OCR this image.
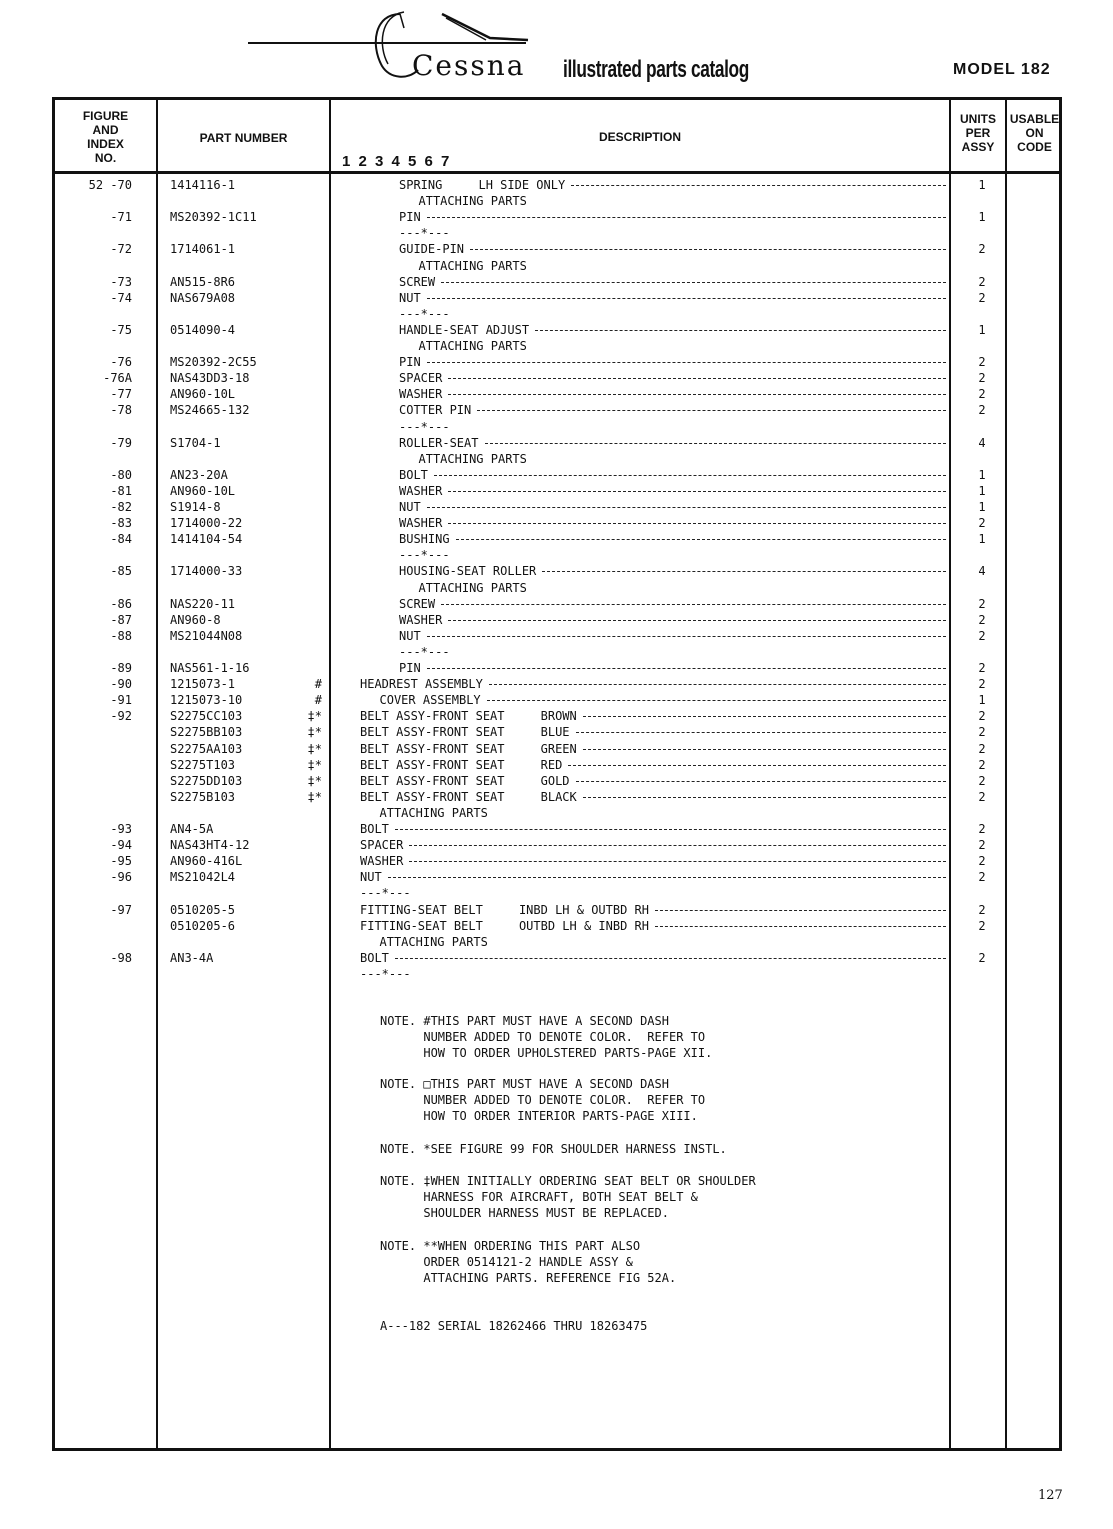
Cessna illustrated parts catalog	MODEL 182
FIGURE
AND
INDEX
NO.
PART NUMBER	DESCRIPTION
1 2 3 4 5 6 7
UNITS
PER
ASSY
USABLE
ON
CODE
52 -70	1414116-1	SPRING     LH SIDE ONLY	1
ATTACHING PARTS
-71	MS20392-1C11	PIN	1
---*---
-72	1714061-1	GUIDE-PIN	2
ATTACHING PARTS
-73	AN515-8R6	SCREW	2
-74	NAS679A08	NUT	2
---*---
-75	0514090-4	HANDLE-SEAT ADJUST	1
ATTACHING PARTS
-76	MS20392-2C55	PIN	2
-76A	NAS43DD3-18	SPACER	2
-77	AN960-10L	WASHER	2
-78	MS24665-132	COTTER PIN	2
---*---
-79	S1704-1	ROLLER-SEAT	4
ATTACHING PARTS
-80	AN23-20A	BOLT	1
-81	AN960-10L	WASHER	1
-82	S1914-8	NUT	1
-83	1714000-22	WASHER	2
-84	1414104-54	BUSHING	1
---*---
-85	1714000-33	HOUSING-SEAT ROLLER	4
ATTACHING PARTS
-86	NAS220-11	SCREW	2
-87	AN960-8	WASHER	2
-88	MS21044N08	NUT	2
---*---
-89	NAS561-1-16	PIN	2
-90	1215073-1	#	HEADREST ASSEMBLY	2
-91	1215073-10	#	COVER ASSEMBLY	1
-92	S2275CC103	‡*	BELT ASSY-FRONT SEAT     BROWN	2
S2275BB103	‡*	BELT ASSY-FRONT SEAT     BLUE	2
S2275AA103	‡*	BELT ASSY-FRONT SEAT     GREEN	2
S2275T103	‡*	BELT ASSY-FRONT SEAT     RED	2
S2275DD103	‡*	BELT ASSY-FRONT SEAT     GOLD	2
S2275B103	‡*	BELT ASSY-FRONT SEAT     BLACK	2
ATTACHING PARTS
-93	AN4-5A	BOLT	2
-94	NAS43HT4-12	SPACER	2
-95	AN960-416L	WASHER	2
-96	MS21042L4	NUT	2
---*---
-97	0510205-5	FITTING-SEAT BELT     INBD LH & OUTBD RH	2
0510205-6	FITTING-SEAT BELT     OUTBD LH & INBD RH	2
ATTACHING PARTS
-98	AN3-4A	BOLT	2
---*---
NOTE. #THIS PART MUST HAVE A SECOND DASH
NUMBER ADDED TO DENOTE COLOR.  REFER TO
HOW TO ORDER UPHOLSTERED PARTS-PAGE XII.
NOTE. □THIS PART MUST HAVE A SECOND DASH
NUMBER ADDED TO DENOTE COLOR.  REFER TO
HOW TO ORDER INTERIOR PARTS-PAGE XIII.
NOTE. *SEE FIGURE 99 FOR SHOULDER HARNESS INSTL.
NOTE. ‡WHEN INITIALLY ORDERING SEAT BELT OR SHOULDER
HARNESS FOR AIRCRAFT, BOTH SEAT BELT &
SHOULDER HARNESS MUST BE REPLACED.
NOTE. **WHEN ORDERING THIS PART ALSO
ORDER 0514121-2 HANDLE ASSY &
ATTACHING PARTS. REFERENCE FIG 52A.
A---182 SERIAL 18262466 THRU 18263475
127
